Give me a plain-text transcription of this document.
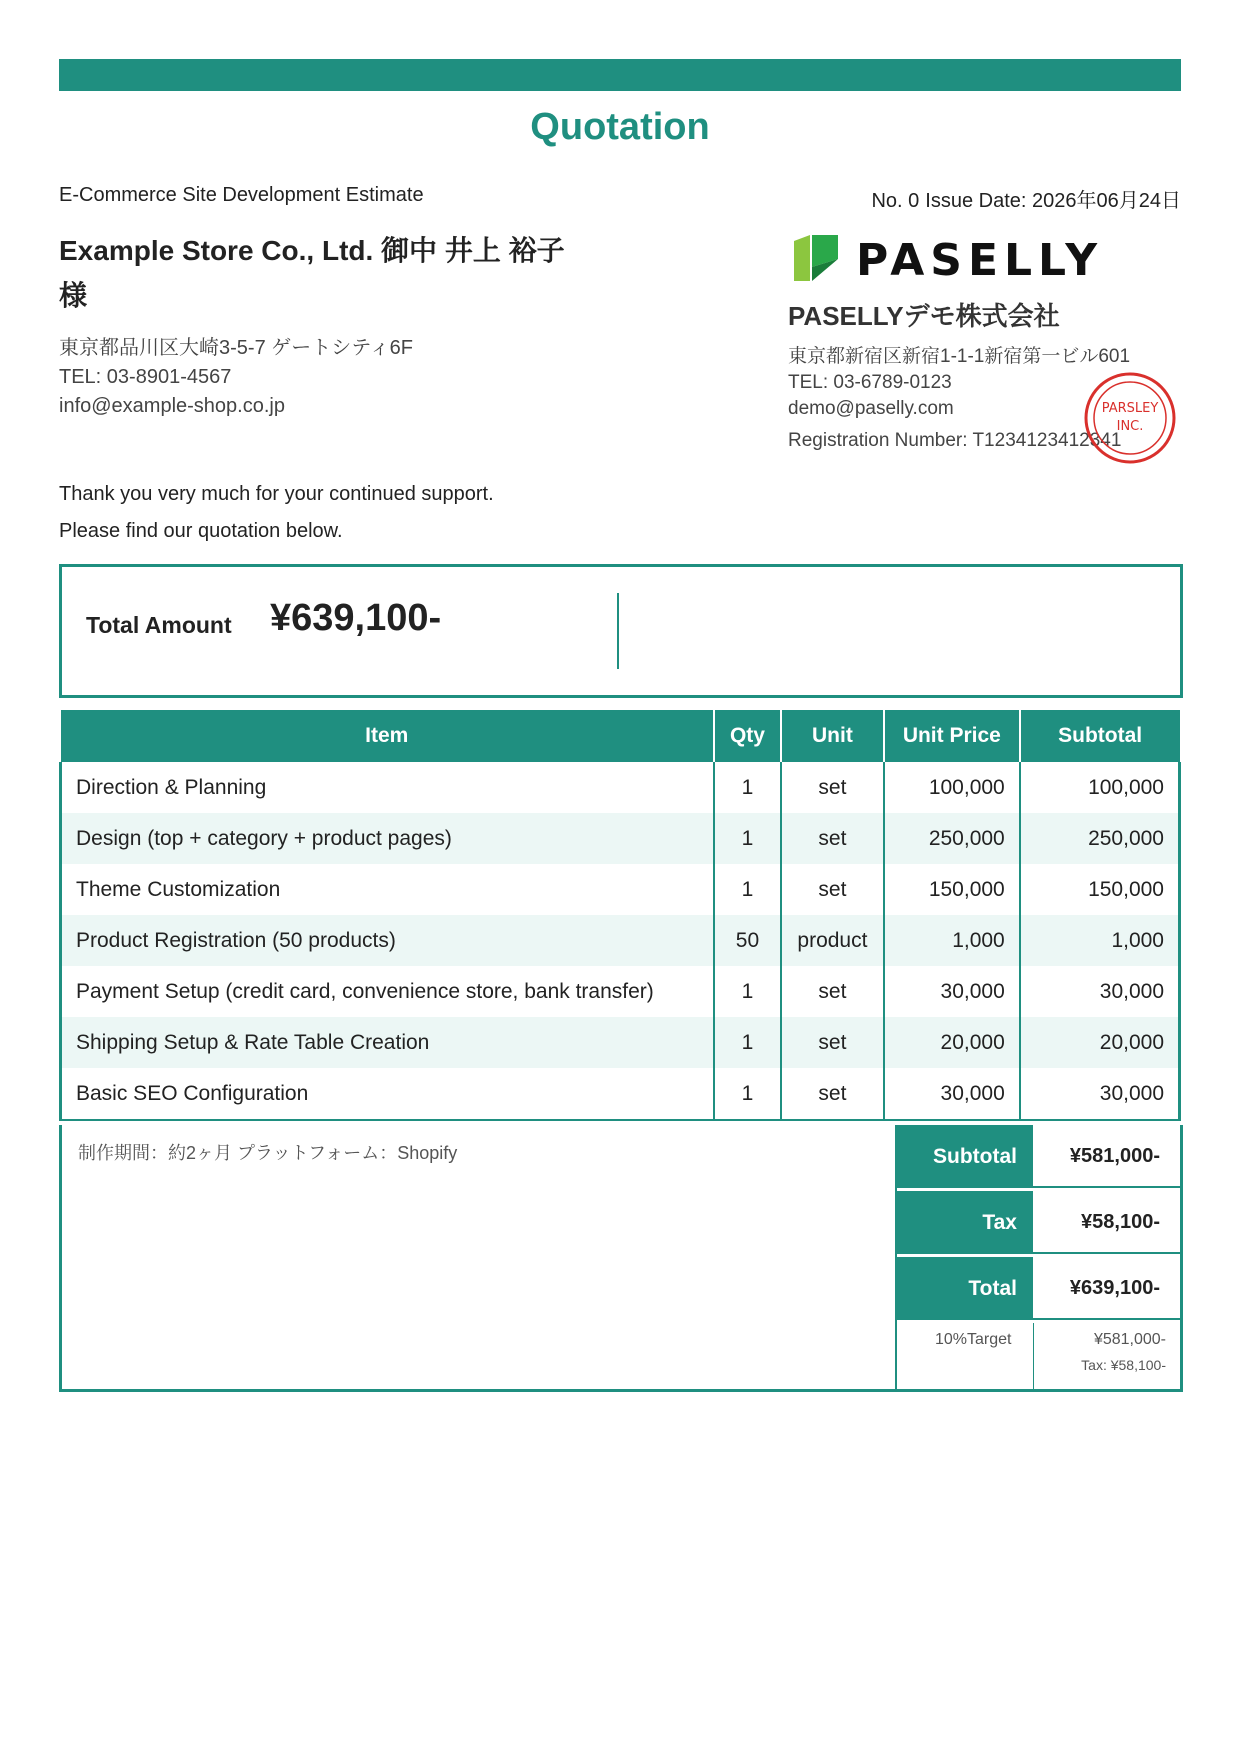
Quotation
E-Commerce Site Development Estimate	No. 0 Issue Date: 2026年06月24日
Example Store Co., Ltd. 御中 井上 裕子 様
東京都品川区大崎3-5-7 ゲートシティ6F
TEL: 03-8901-4567
info@example-shop.co.jp
Thank you very much for your continued support.
Please find our quotation below.
PASELLY
PASELLYデモ株式会社
東京都新宿区新宿1-1-1新宿第一ビル601
TEL: 03-6789-0123
demo@paselly.com
Registration Number: T1234123412341
PARSLEY
INC.
Total Amount ¥639,100-
Item	Qty	Unit	Unit Price	Subtotal
Direction & Planning	1	set	100,000	100,000
Design (top + category + product pages)	1	set	250,000	250,000
Theme Customization	1	set	150,000	150,000
Product Registration (50 products)	50	product	1,000	1,000
Payment Setup (credit card, convenience store, bank transfer)	1	set	30,000	30,000
Shipping Setup & Rate Table Creation	1	set	20,000	20,000
Basic SEO Configuration	1	set	30,000	30,000
制作期間：約2ヶ月 プラットフォーム：Shopify	Subtotal	¥581,000-
Tax	¥58,100-
Total	¥639,100-
10%Target	¥581,000-
Tax: ¥58,100-
